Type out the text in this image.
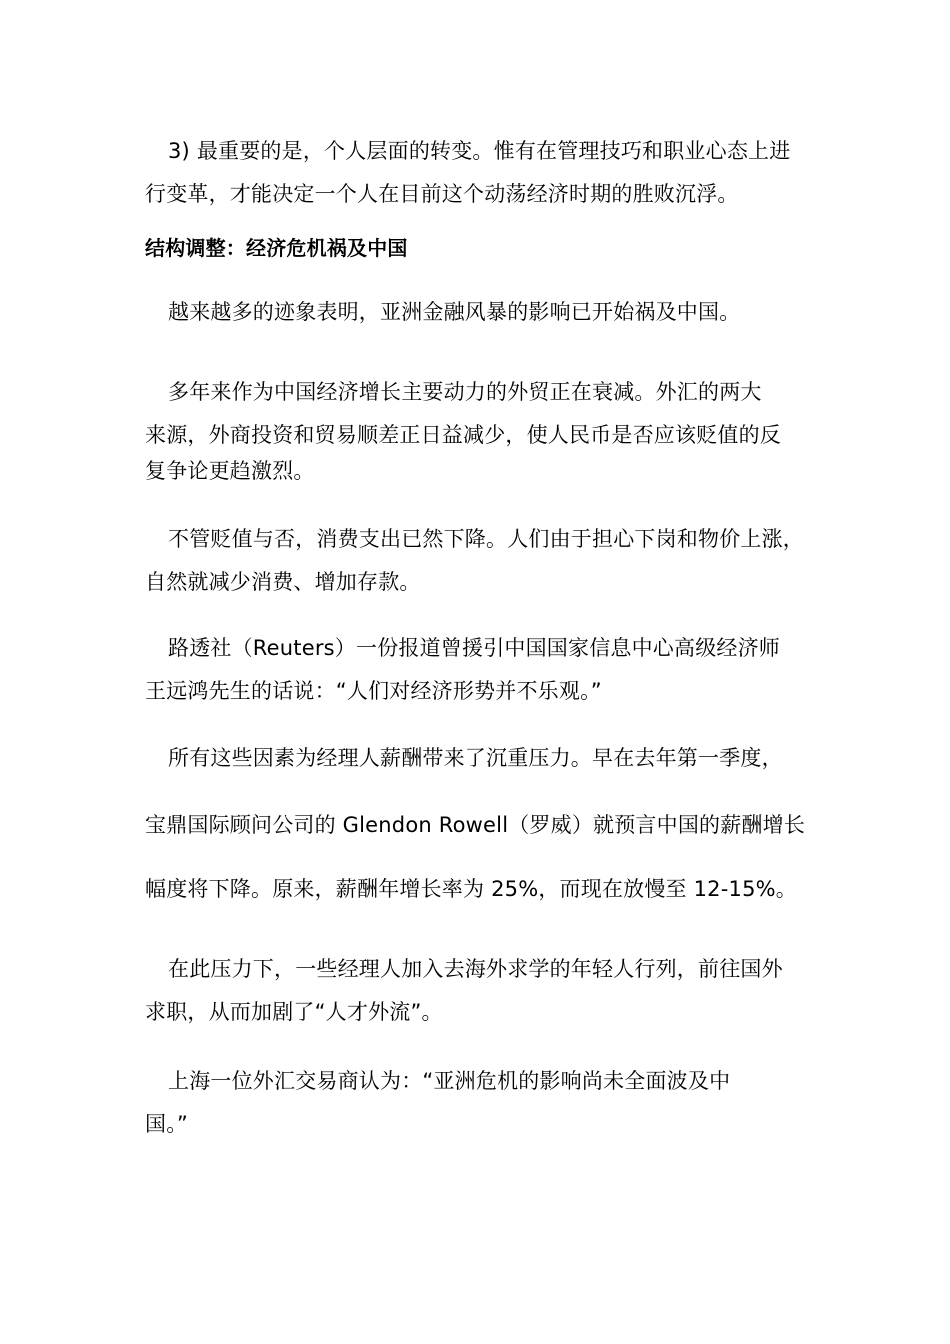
3) 最重要的是，个人层面的转变。惟有在管理技巧和职业心态上进
行变革，才能决定一个人在目前这个动荡经济时期的胜败沉浮。
结构调整：经济危机祸及中国
越来越多的迹象表明，亚洲金融风暴的影响已开始祸及中国。
多年来作为中国经济增长主要动力的外贸正在衰减。外汇的两大
来源，外商投资和贸易顺差正日益减少，使人民币是否应该贬值的反
复争论更趋激烈。
不管贬值与否，消费支出已然下降。人们由于担心下岗和物价上涨，
自然就减少消费、增加存款。
路透社（Reuters）一份报道曾援引中国国家信息中心高级经济师
王远鸿先生的话说：“人们对经济形势并不乐观。”
所有这些因素为经理人薪酬带来了沉重压力。早在去年第一季度，
宝鼎国际顾问公司的 Glendon Rowell（罗威）就预言中国的薪酬增长
幅度将下降。原来，薪酬年增长率为 25%，而现在放慢至 12-15%。
在此压力下，一些经理人加入去海外求学的年轻人行列，前往国外
求职，从而加剧了“人才外流”。
上海一位外汇交易商认为：“亚洲危机的影响尚未全面波及中
国。”
